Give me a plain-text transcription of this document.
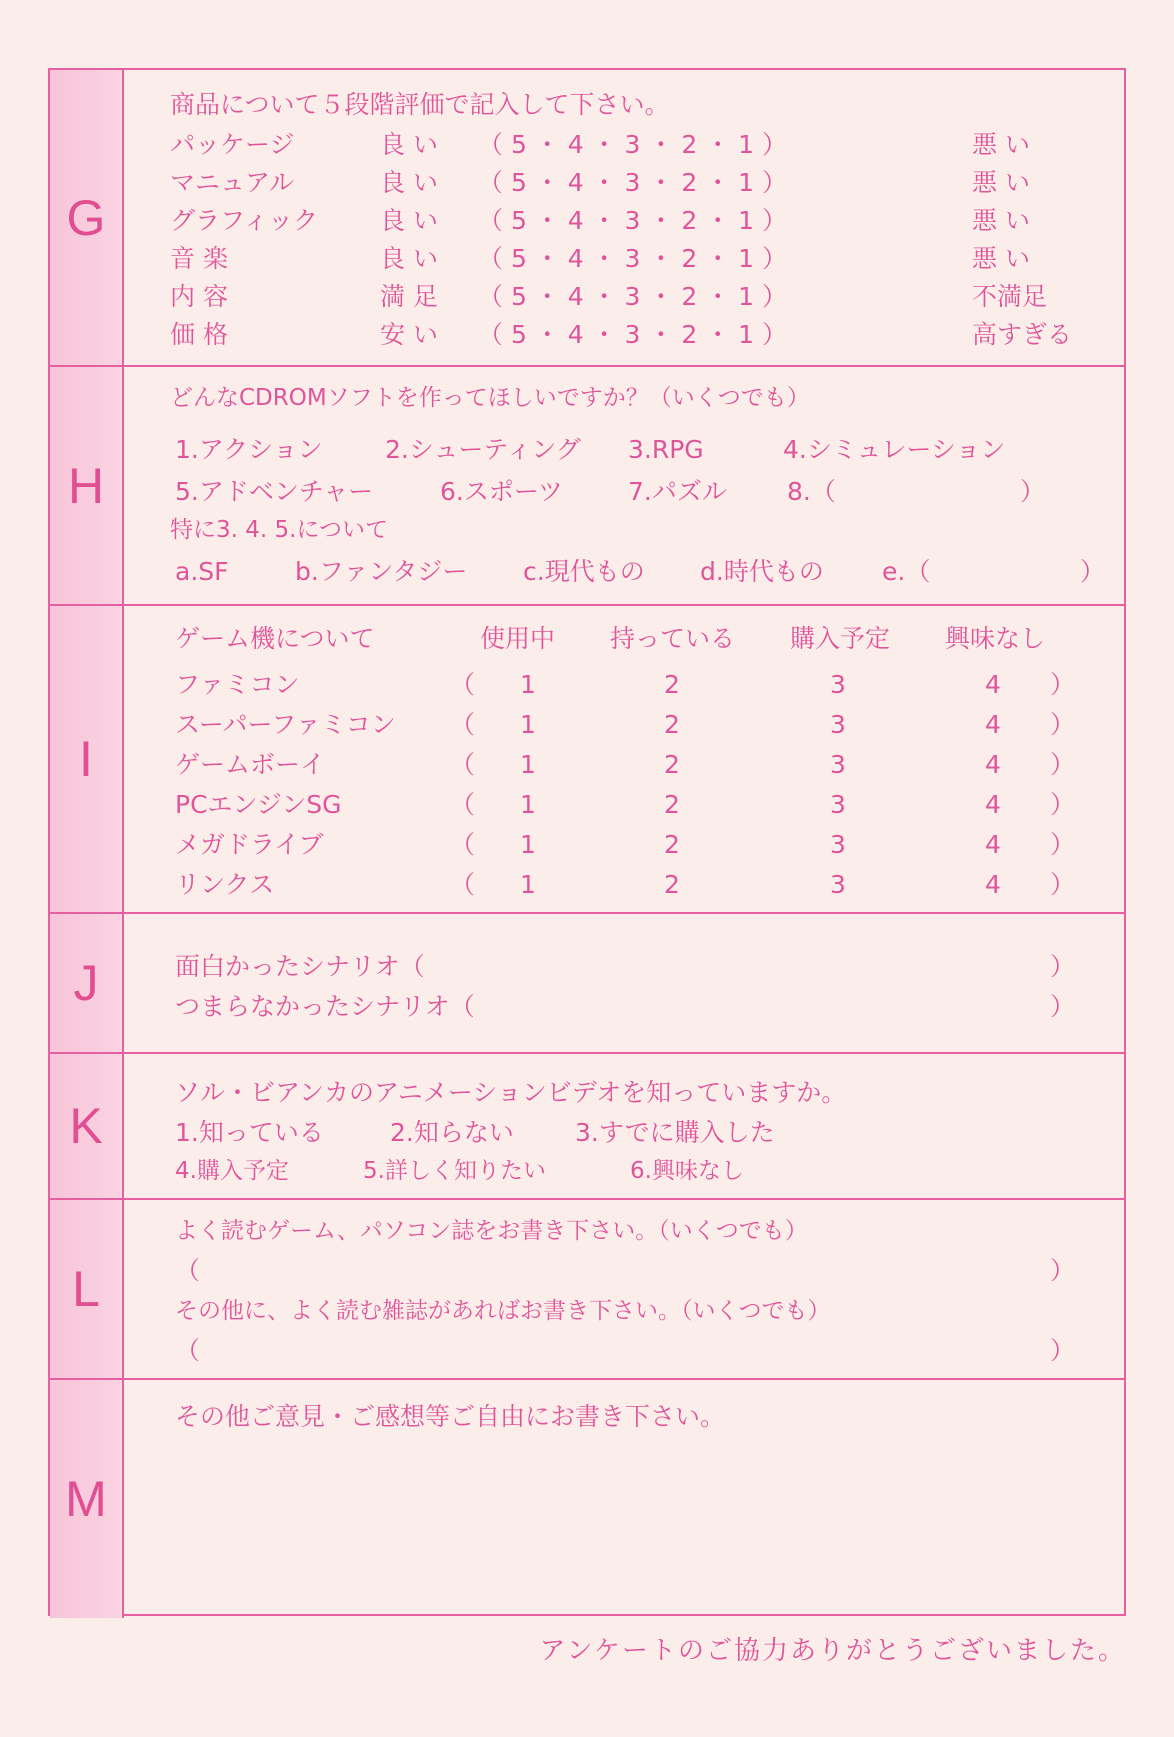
G
商品について５段階評価で記入して下さい。
パッケージ	良 い （ 5 ・ 4 ・ 3 ・ 2 ・ 1 ）	悪 い
マニュアル	良 い （ 5 ・ 4 ・ 3 ・ 2 ・ 1 ）	悪 い
グラフィック 良 い （ 5 ・ 4 ・ 3 ・ 2 ・ 1 ）	悪 い
音 楽	良 い （ 5 ・ 4 ・ 3 ・ 2 ・ 1 ）	悪 い
内 容	満 足 （ 5 ・ 4 ・ 3 ・ 2 ・ 1 ）	不満足
価 格	安 い （ 5 ・ 4 ・ 3 ・ 2 ・ 1 ）	高すぎる
H
どんなCDROMソフトを作ってほしいですか？（いくつでも）
1.アクション 2.シューティング 3.RPG	4.シミュレーション
5.アドベンチャー	6.スポーツ	7.パズル 8.（	）
特に3. 4. 5.について
a.SF	b.ファンタジー c.現代もの d.時代もの e.（	）
I
ゲーム機について	使用中 持っている 購入予定 興味なし
ファミコン	（ 1	2	3	4 ）
スーパーファミコン （ 1	2	3	4 ）
ゲームボーイ	（ 1	2	3	4 ）
PCエンジンSG	（ 1	2	3	4 ）
メガドライブ	（ 1	2	3	4 ）
リンクス	（ 1	2	3	4 ）
J	面白かったシナリオ（	）
つまらなかったシナリオ（	）
K
ソル・ビアンカのアニメーションビデオを知っていますか。
1.知っている	2.知らない 3.すでに購入した
4.購入予定	5.詳しく知りたい	6.興味なし
L
よく読むゲーム、パソコン誌をお書き下さい。（いくつでも）
（	）
その他に、よく読む雑誌があればお書き下さい。（いくつでも）
（	）
M
その他ご意見・ご感想等ご自由にお書き下さい。
アンケートのご協力ありがとうございました。
